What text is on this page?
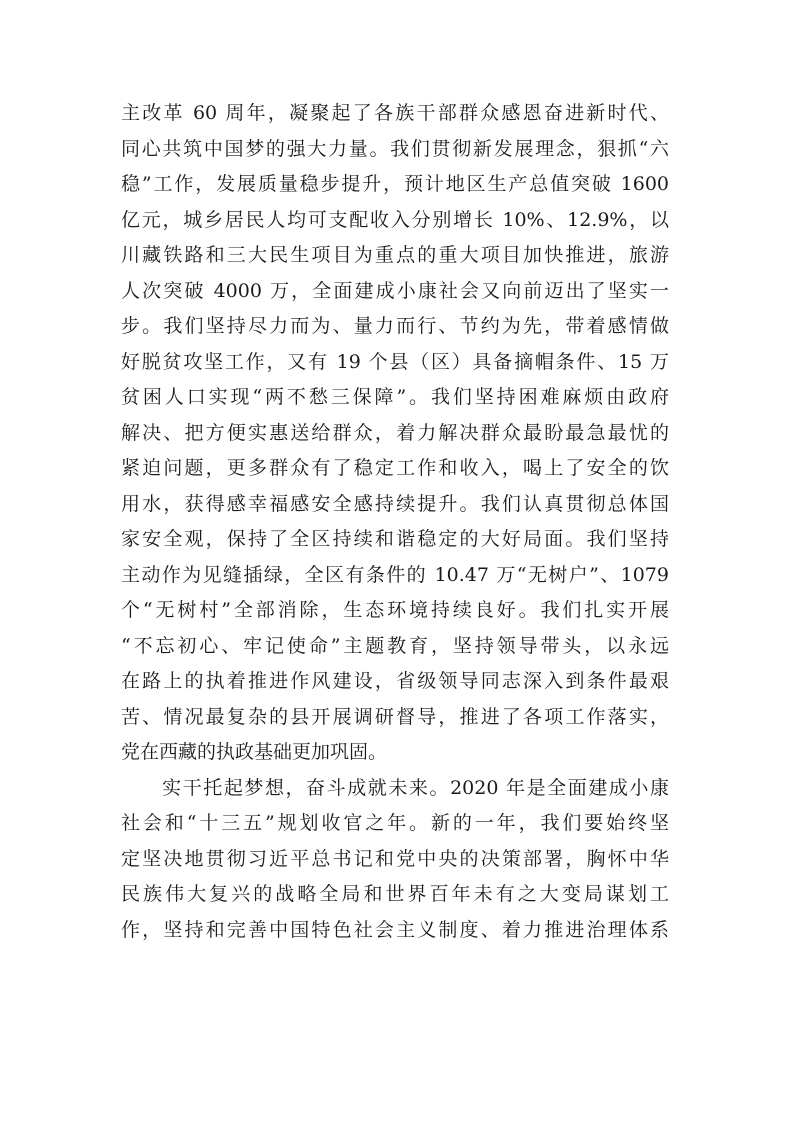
主改革 60 周年，凝聚起了各族干部群众感恩奋进新时代、
同心共筑中国梦的强大力量。我们贯彻新发展理念，狠抓“六
稳”工作，发展质量稳步提升，预计地区生产总值突破 1600
亿元，城乡居民人均可支配收入分别增长 10%、12.9%，以
川藏铁路和三大民生项目为重点的重大项目加快推进，旅游
人次突破 4000 万，全面建成小康社会又向前迈出了坚实一
步。我们坚持尽力而为、量力而行、节约为先，带着感情做
好脱贫攻坚工作，又有 19 个县（区）具备摘帽条件、15 万
贫困人口实现“两不愁三保障”。我们坚持困难麻烦由政府
解决、把方便实惠送给群众，着力解决群众最盼最急最忧的
紧迫问题，更多群众有了稳定工作和收入，喝上了安全的饮
用水，获得感幸福感安全感持续提升。我们认真贯彻总体国
家安全观，保持了全区持续和谐稳定的大好局面。我们坚持
主动作为见缝插绿，全区有条件的 10.47 万“无树户”、1079
个“无树村”全部消除，生态环境持续良好。我们扎实开展
“不忘初心、牢记使命”主题教育，坚持领导带头，以永远
在路上的执着推进作风建设，省级领导同志深入到条件最艰
苦、情况最复杂的县开展调研督导，推进了各项工作落实，
党在西藏的执政基础更加巩固。
　　实干托起梦想，奋斗成就未来。2020 年是全面建成小康
社会和“十三五”规划收官之年。新的一年，我们要始终坚
定坚决地贯彻习近平总书记和党中央的决策部署，胸怀中华
民族伟大复兴的战略全局和世界百年未有之大变局谋划工
作，坚持和完善中国特色社会主义制度、着力推进治理体系
